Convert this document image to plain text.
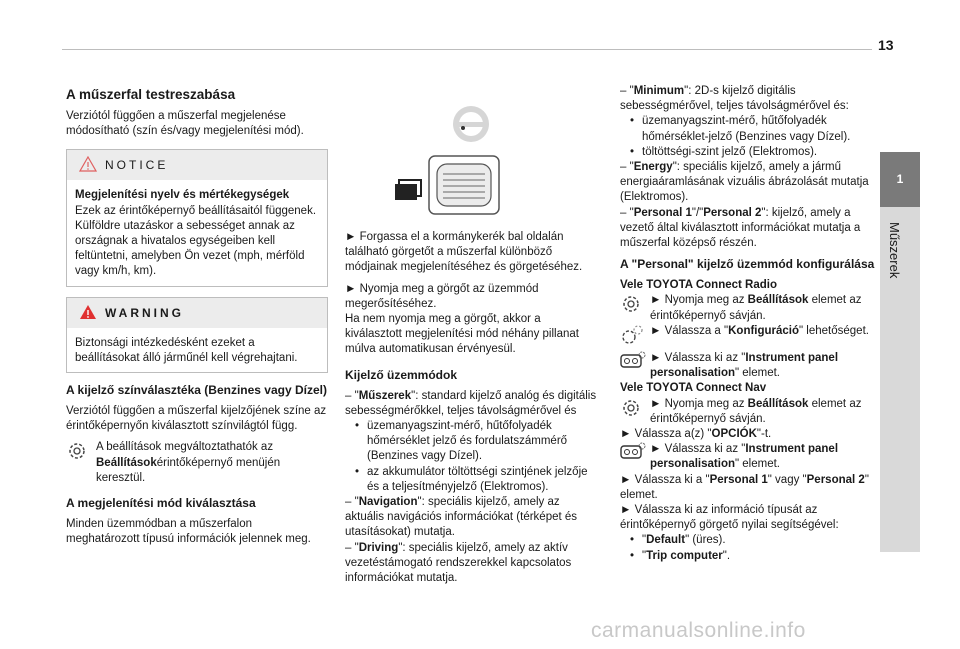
13
1
Műszerek
A műszerfal testreszabása

Verziótól függően a műszerfal megjelenése módosítható (szín és/vagy megjelenítési mód).

NOTICE
Megjelenítési nyelv és mértékegységek
Ezek az érintőképernyő beállításaitól függenek. Külföldre utazáskor a sebességet annak az országnak a hivatalos egységeiben kell feltüntetni, amelyben Ön vezet (mph, mérföld vagy km/h, km).
WARNING
Biztonsági intézkedésként ezeket a beállításokat álló járműnél kell végrehajtani.
A kijelző színválasztéka (Benzines vagy Dízel)

Verziótól függően a műszerfal kijelzőjének színe az érintőképernyőn kiválasztott színvilágtól függ.

A beállítások megváltoztathatók az
Beállításokérintőképernyő menüjén keresztül.
A megjelenítési mód kiválasztása

Minden üzemmódban a műszerfalon meghatározott típusú információk jelennek meg.

► Forgassa el a kormánykerék bal oldalán található görgetőt a műszerfal különböző módjainak megjelenítéséhez és görgetéséhez.

► Nyomja meg a görgőt az üzemmód megerősítéséhez.

Ha nem nyomja meg a görgőt, akkor a kiválasztott megjelenítési mód néhány pillanat múlva automatikusan érvényesül.

Kijelző üzemmódok

– "Műszerek": standard kijelző analóg és digitális sebességmérőkkel, teljes távolságmérővel és

• üzemanyagszint-mérő, hűtőfolyadék hőmérséklet jelző és fordulatszámmérő (Benzines vagy Dízel).

• az akkumulátor töltöttségi szintjének jelzője és a teljesítményjelző (Elektromos).

– "Navigation": speciális kijelző, amely az aktuális navigációs információkat (térképet és utasításokat) mutatja.

– "Driving": speciális kijelző, amely az aktív vezetéstámogató rendszerekkel kapcsolatos információkat mutatja.

– "Minimum": 2D-s kijelző digitális sebességmérővel, teljes távolságmérővel és:

• üzemanyagszint-mérő, hűtőfolyadék hőmérséklet-jelző (Benzines vagy Dízel).

• töltöttségi-szint jelző (Elektromos).

– "Energy": speciális kijelző, amely a jármű energiaáramlásának vizuális ábrázolását mutatja (Elektromos).

– "Personal 1"/"Personal 2": kijelző, amely a vezető által kiválasztott információkat mutatja a műszerfal középső részén.

A "Personal" kijelző üzemmód konfigurálása
Vele TOYOTA Connect Radio
► Nyomja meg az Beállítások elemet az érintőképernyő sávján.
► Válassza a "Konfiguráció" lehetőséget.
► Válassza ki az "Instrument panel personalisation" elemet.
Vele TOYOTA Connect Nav
► Nyomja meg az Beállítások elemet az érintőképernyő sávján.
► Válassza a(z) "OPCIÓK"-t.
► Válassza ki az "Instrument panel personalisation" elemet.
► Válassza ki a "Personal 1" vagy "Personal 2" elemet.
► Válassza ki az információ típusát az érintőképernyő görgető nyilai segítségével:

• "Default" (üres).

• "Trip computer".

carmanualsonline.info
